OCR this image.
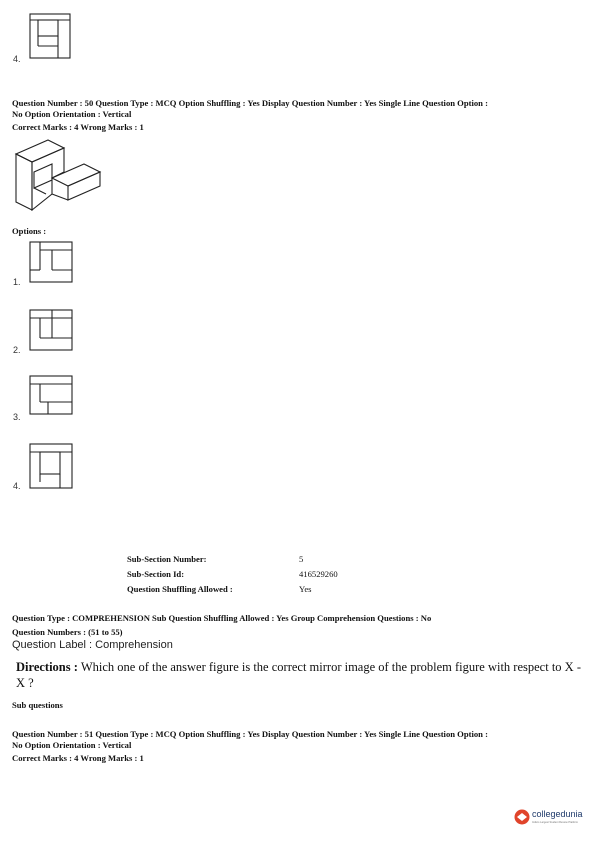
4.
Question Number : 50 Question Type : MCQ Option Shuffling : Yes Display Question Number : Yes Single Line Question Option :
No Option Orientation : Vertical
Correct Marks : 4 Wrong Marks : 1
Options :
1.
2.
3.
4.
Sub-Section Number:	5
Sub-Section Id:	416529260
Question Shuffling Allowed :	Yes
Question Type : COMPREHENSION Sub Question Shuffling Allowed : Yes Group Comprehension Questions : No
Question Numbers : (51 to 55)
Question Label : Comprehension
Directions : Which one of the answer figure is the correct mirror image of the problem figure with respect to X - X ?
Sub questions
Question Number : 51 Question Type : MCQ Option Shuffling : Yes Display Question Number : Yes Single Line Question Option :
No Option Orientation : Vertical
Correct Marks : 4 Wrong Marks : 1
collegedunia
India's Largest Student Review Platform
